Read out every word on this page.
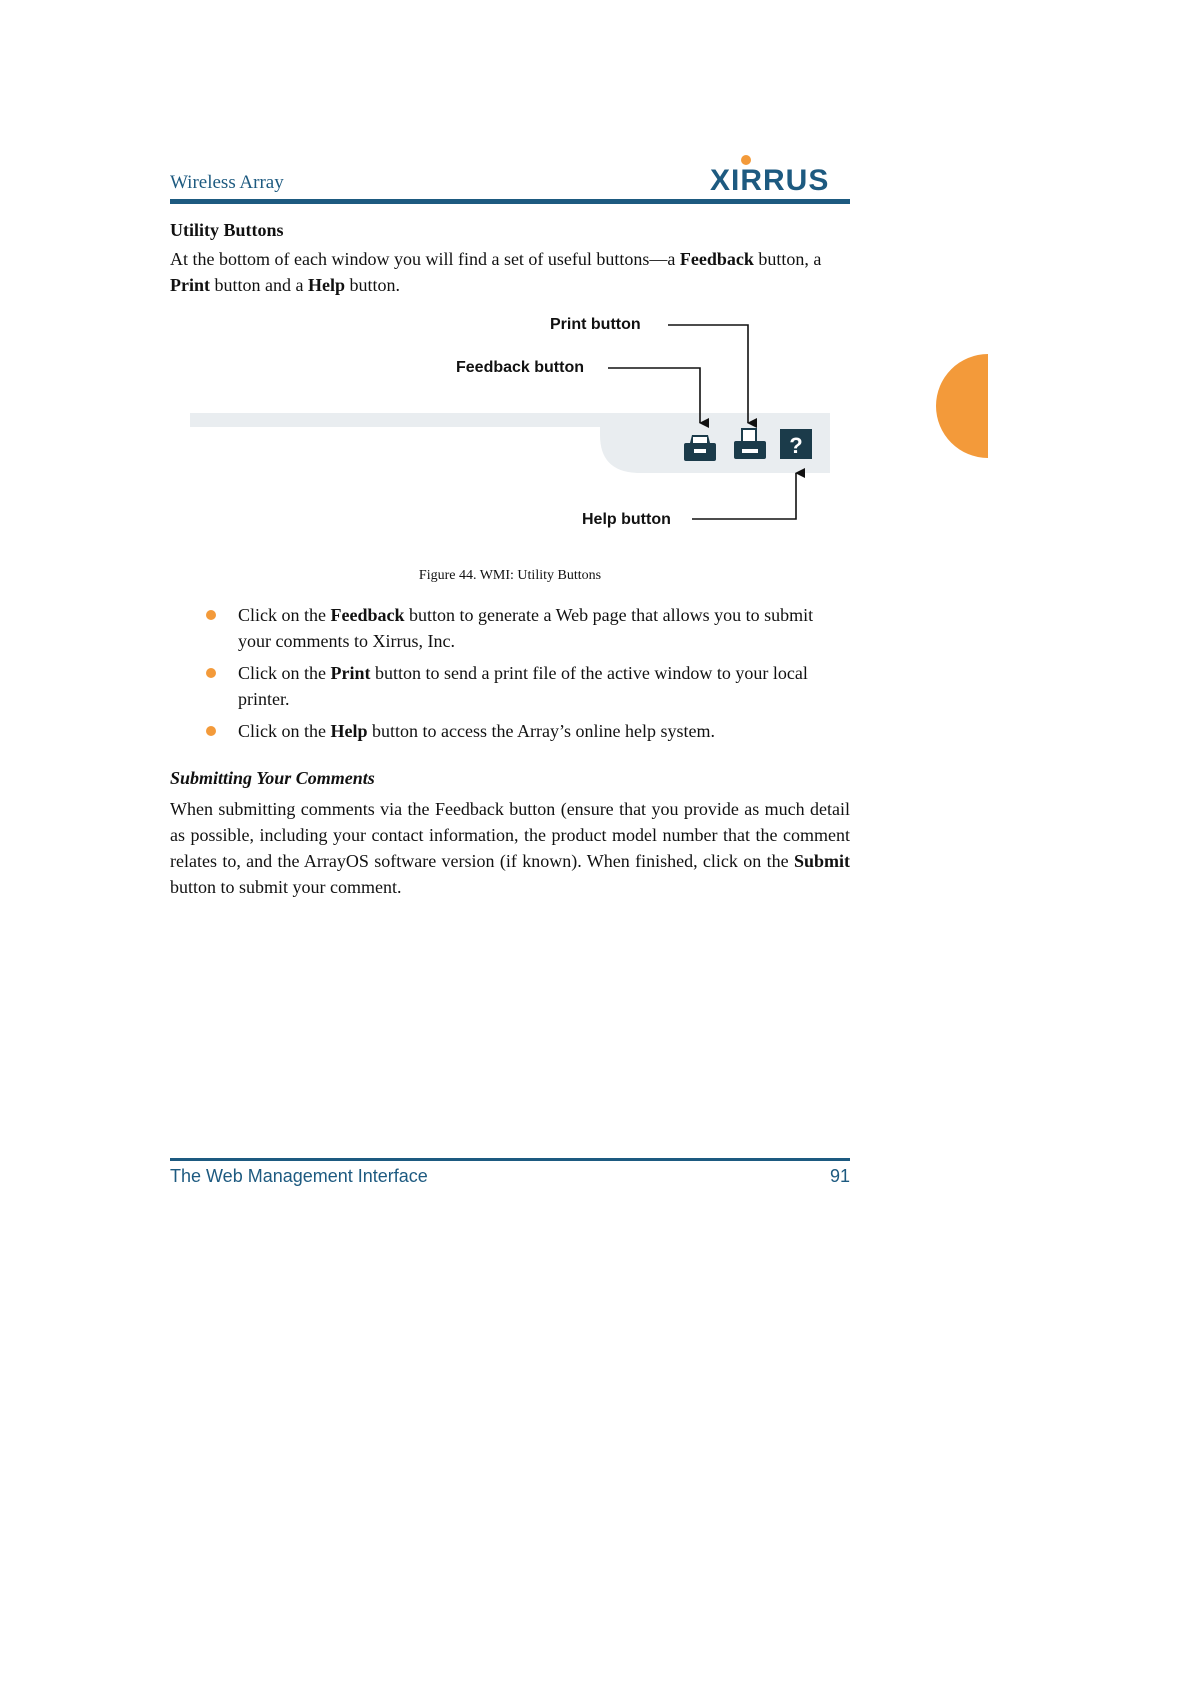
Wireless Array	XIRRUS
Utility Buttons
At the bottom of each window you will find a set of useful buttons—a Feedback button, a Print button and a Help button.
Print button
Feedback button
Help button
?
Figure 44. WMI: Utility Buttons
Click on the Feedback button to generate a Web page that allows you to submit your comments to Xirrus, Inc.
Click on the Print button to send a print file of the active window to your local printer.
Click on the Help button to access the Array’s online help system.
Submitting Your Comments
When submitting comments via the Feedback button (ensure that you provide as much detail as possible, including your contact information, the product model number that the comment relates to, and the ArrayOS software version (if known). When finished, click on the Submit button to submit your comment.
The Web Management Interface	91
